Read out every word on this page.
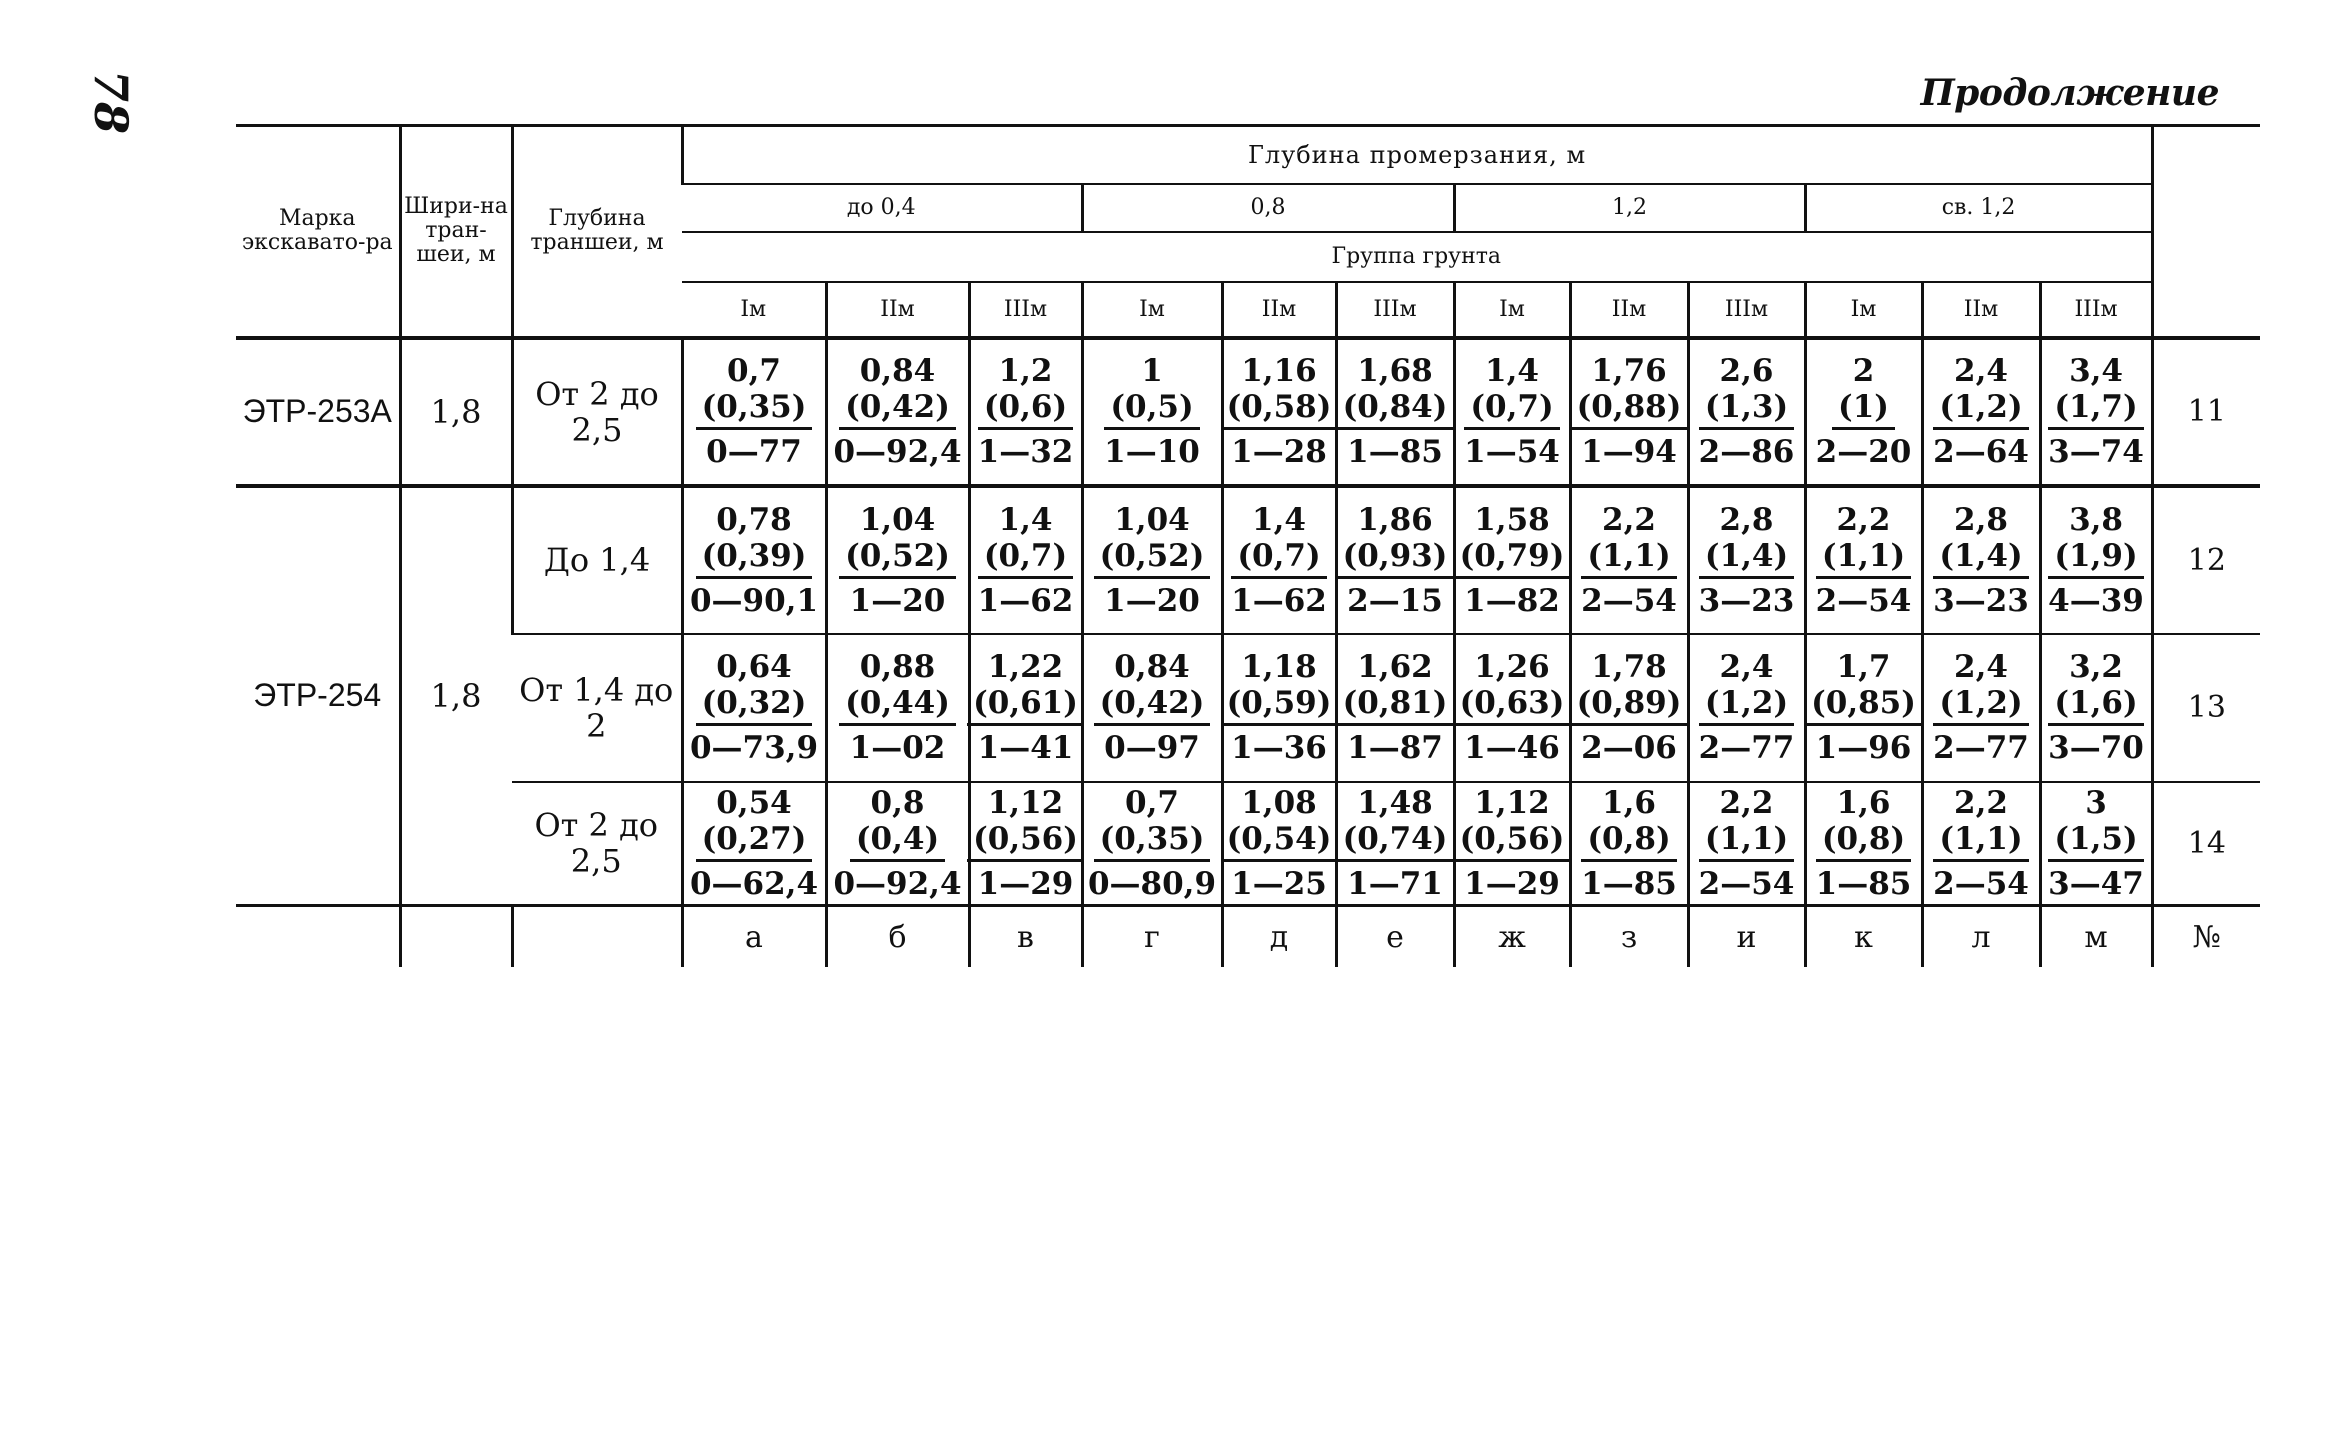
78	Продолжение
Марка экскавато-ра	Шири-на тран-шеи, м	Глубина траншеи, м	Глубина промерзания, м												
			до 0,4			0,8			1,2			св. 1,2			
			Группа грунта												
			Iм	IIм	IIIм	Iм	IIм	IIIм	Iм	IIм	IIIм	Iм	IIм	IIIм	
ЭТР-253А	1,8	От 2 до 2,5	0,7
(0,35)
0—77	0,84
(0,42)
0—92,4	1,2
(0,6)
1—32	1
(0,5)
1—10	1,16
(0,58)
1—28	1,68
(0,84)
1—85	1,4
(0,7)
1—54	1,76
(0,88)
1—94	2,6
(1,3)
2—86	2
(1)
2—20	2,4
(1,2)
2—64	3,4
(1,7)
3—74	11
ЭТР-254	1,8	До 1,4	0,78
(0,39)
0—90,1	1,04
(0,52)
1—20	1,4
(0,7)
1—62	1,04
(0,52)
1—20	1,4
(0,7)
1—62	1,86
(0,93)
2—15	1,58
(0,79)
1—82	2,2
(1,1)
2—54	2,8
(1,4)
3—23	2,2
(1,1)
2—54	2,8
(1,4)
3—23	3,8
(1,9)
4—39	12
		От 1,4 до 2	0,64
(0,32)
0—73,9	0,88
(0,44)
1—02	1,22
(0,61)
1—41	0,84
(0,42)
0—97	1,18
(0,59)
1—36	1,62
(0,81)
1—87	1,26
(0,63)
1—46	1,78
(0,89)
2—06	2,4
(1,2)
2—77	1,7
(0,85)
1—96	2,4
(1,2)
2—77	3,2
(1,6)
3—70	13
		От 2 до 2,5	0,54
(0,27)
0—62,4	0,8
(0,4)
0—92,4	1,12
(0,56)
1—29	0,7
(0,35)
0—80,9	1,08
(0,54)
1—25	1,48
(0,74)
1—71	1,12
(0,56)
1—29	1,6
(0,8)
1—85	2,2
(1,1)
2—54	1,6
(0,8)
1—85	2,2
(1,1)
2—54	3
(1,5)
3—47	14
			а	б	в	г	д	е	ж	з	и	к	л	м	№
